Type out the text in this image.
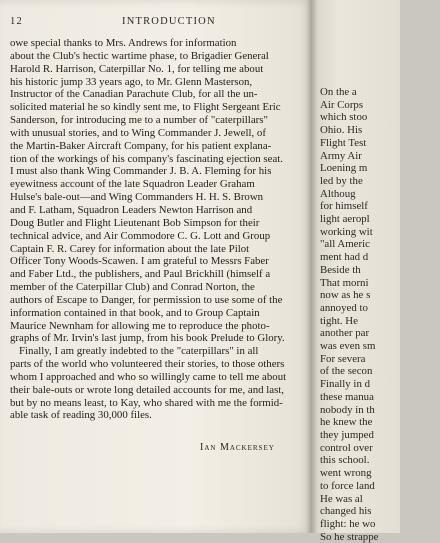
12	INTRODUCTION
owe special thanks to Mrs. Andrews for information
about the Club's hectic wartime phase, to Brigadier General
Harold R. Harrison, Caterpillar No. 1, for telling me about
his historic jump 33 years ago, to Mr. Glenn Masterson,
Instructor of the Canadian Parachute Club, for all the un-
solicited material he so kindly sent me, to Flight Sergeant Eric
Sanderson, for introducing me to a number of "caterpillars"
with unusual stories, and to Wing Commander J. Jewell, of
the Martin-Baker Aircraft Company, for his patient explana-
tion of the workings of his company's fascinating ejection seat.
I must also thank Wing Commander J. B. A. Fleming for his
eyewitness account of the late Squadron Leader Graham
Hulse's bale-out—and Wing Commanders H. H. S. Brown
and F. Latham, Squadron Leaders Newton Harrison and
Doug Butler and Flight Lieutenant Bob Simpson for their
technical advice, and Air Commodore C. G. Lott and Group
Captain F. R. Carey for information about the late Pilot
Officer Tony Woods-Scawen. I am grateful to Messrs Faber
and Faber Ltd., the publishers, and Paul Brickhill (himself a
member of the Caterpillar Club) and Conrad Norton, the
authors of Escape to Danger, for permission to use some of the
information contained in that book, and to Group Captain
Maurice Newnham for allowing me to reproduce the photo-
graphs of Mr. Irvin's last jump, from his book Prelude to Glory.
Finally, I am greatly indebted to the "caterpillars" in all
parts of the world who volunteered their stories, to those others
whom I approached and who so willingly came to tell me about
their bale-outs or wrote long detailed accounts for me, and last,
but by no means least, to Kay, who shared with me the formid-
able task of reading 30,000 files.
Ian Mackersey
On the a
Air Corps
which stoo
Ohio. His
Flight Test
Army Air
Loening m
led by the
Althoug
for himself
light aeropl
working wit
"all Americ
ment had d
Beside th
That morni
now as he s
annoyed to
tight. He
another par
was even sm
For severa
of the secon
Finally in d
these manua
nobody in th
he knew the
they jumped
control over
this school.
went wrong
to force land
He was al
changed his
flight: he wo
So he strappe
